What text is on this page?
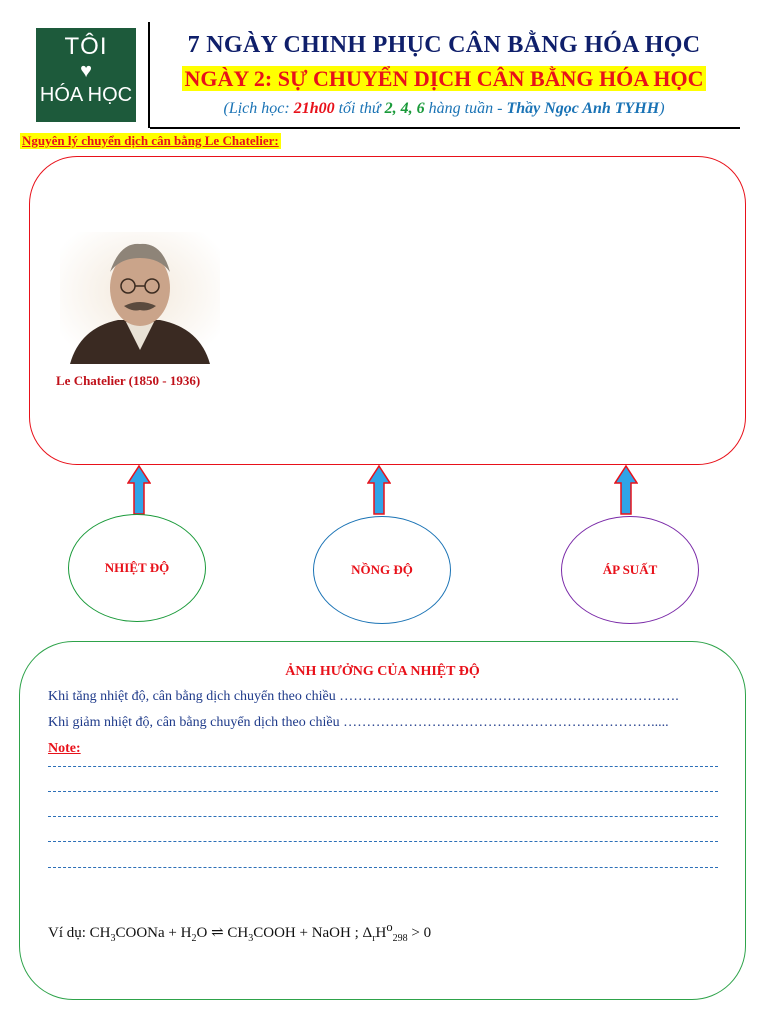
TÔI
♥
HÓA HỌC
7 NGÀY CHINH PHỤC CÂN BẰNG HÓA HỌC
NGÀY 2: SỰ CHUYỂN DỊCH CÂN BẰNG HÓA HỌC
(Lịch học: 21h00 tối thứ 2, 4, 6 hàng tuần - Thầy Ngọc Anh TYHH)
Nguyên lý chuyển dịch cân bằng Le Chatelier:
Le Chatelier (1850 - 1936)
NHIỆT ĐỘ	NỒNG ĐỘ	ÁP SUẤT
ẢNH HƯỞNG CỦA NHIỆT ĐỘ
Khi tăng nhiệt độ, cân bằng dịch chuyển theo chiều ……………………………………………………………….
Khi giảm nhiệt độ, cân bằng chuyển dịch theo chiều ………………………………………………………….....
Note:
Ví dụ: $CH_3COONa + H_2O$ ⇌ $CH_3COOH$ + NaOH ; $\Delta_rH^o_{298} > 0$
